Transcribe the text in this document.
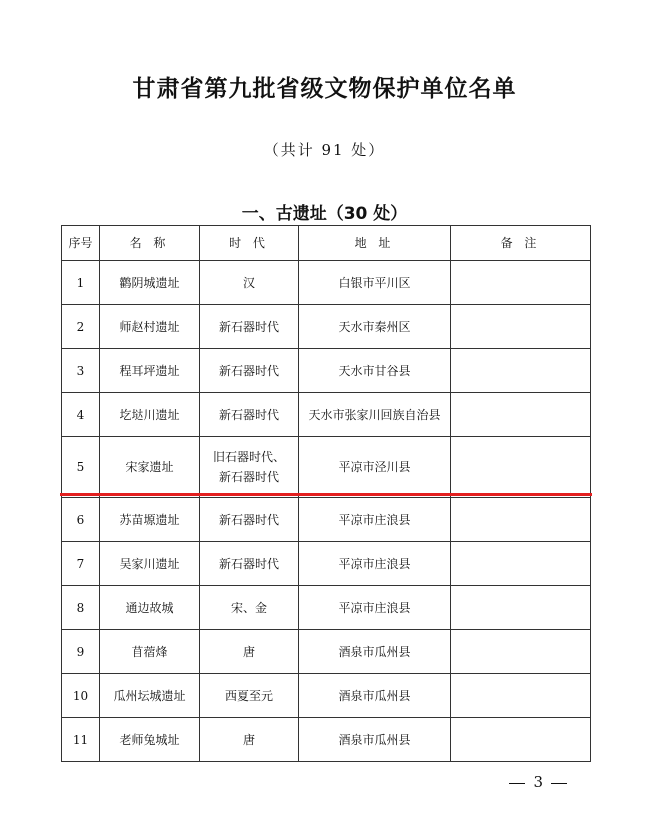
甘肃省第九批省级文物保护单位名单
（共计 91 处）
一、古遗址（30 处）
序号	名 称	时 代	地 址	备 注
1	鹳阴城遗址	汉	白银市平川区	
2	师赵村遗址	新石器时代	天水市秦州区	
3	程耳坪遗址	新石器时代	天水市甘谷县	
4	圪垯川遗址	新石器时代	天水市张家川回族自治县	
5	宋家遗址	旧石器时代、
新石器时代	平凉市泾川县	
6	苏苗塬遗址	新石器时代	平凉市庄浪县	
7	吴家川遗址	新石器时代	平凉市庄浪县	
8	通边故城	宋、金	平凉市庄浪县	
9	苜蓿烽	唐	酒泉市瓜州县	
10	瓜州坛城遗址	西夏至元	酒泉市瓜州县	
11	老师兔城址	唐	酒泉市瓜州县	
3
